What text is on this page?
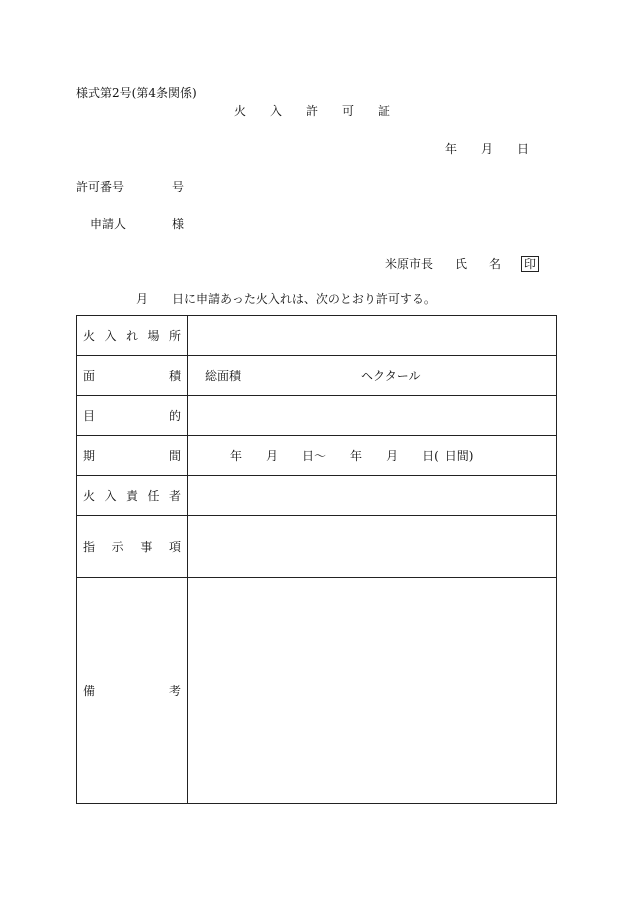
様式第2号(第4条関係)
火 入 許 可 証
年 月 日
許可番号	号
申請人	様
米原市長 氏 名 印
月 日に申請あった火入れは、次のとおり許可する。
火 入 れ 場 所	

面 積	総面積 ヘクタール

目 的	

期 間	年 月 日〜 年 月 日( 日間)

火 入 責 任 者	

指 示 事 項	

備 考	
